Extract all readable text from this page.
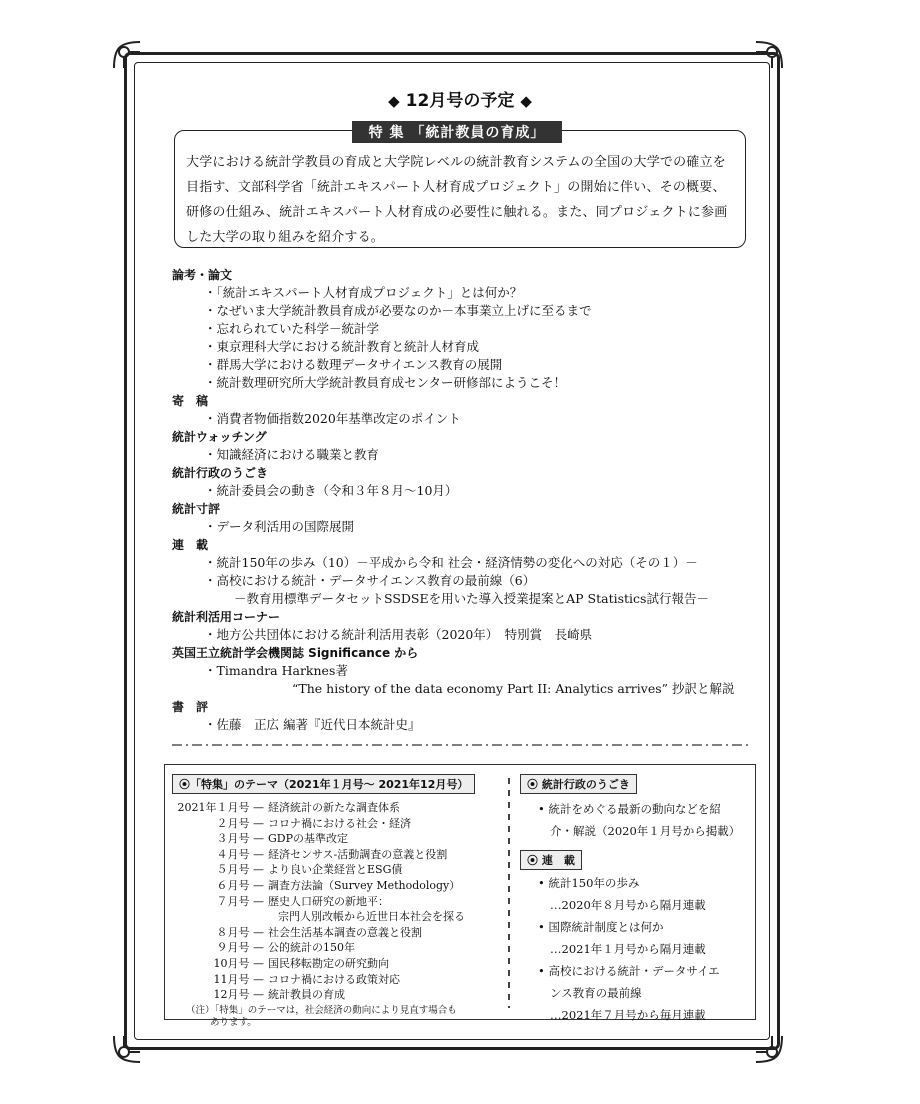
◆ 12月号の予定 ◆
特 集 「統計教員の育成」
大学における統計学教員の育成と大学院レベルの統計教育システムの全国の大学での確立を目指す、文部科学省「統計エキスパート人材育成プロジェクト」の開始に伴い、その概要、研修の仕組み、統計エキスパート人材育成の必要性に触れる。また、同プロジェクトに参画した大学の取り組みを紹介する。
論考・論文
・「統計エキスパート人材育成プロジェクト」とは何か？
・なぜいま大学統計教員育成が必要なのか－本事業立上げに至るまで
・忘れられていた科学－統計学
・東京理科大学における統計教育と統計人材育成
・群馬大学における数理データサイエンス教育の展開
・統計数理研究所大学統計教員育成センター研修部にようこそ！
寄　稿
・消費者物価指数2020年基準改定のポイント
統計ウォッチング
・知識経済における職業と教育
統計行政のうごき
・統計委員会の動き（令和３年８月～10月）
統計寸評
・データ利活用の国際展開
連　載
・統計150年の歩み（10）－平成から令和 社会・経済情勢の変化への対応（その１）－
・高校における統計・データサイエンス教育の最前線（6）
－教育用標準データセットSSDSEを用いた導入授業提案とAP Statistics試行報告－
統計利活用コーナー
・地方公共団体における統計利活用表彰（2020年）　特別賞　長崎県
英国王立統計学会機関誌 Significance から
・Timandra Harknes著
“The history of the data economy Part II: Analytics arrives” 抄訳と解説
書　評
・佐藤　正広 編著『近代日本統計史』
⦿「特集」のテーマ（2021年１月号～ 2021年12月号）
2021年１月号 — 経済統計の新たな調査体系
２月号 — コロナ禍における社会・経済
３月号 — GDPの基準改定
４月号 — 経済センサス‐活動調査の意義と役割
５月号 — より良い企業経営とESG債
６月号 — 調査方法論（Survey Methodology）
７月号 — 歴史人口研究の新地平：
宗門人別改帳から近世日本社会を探る
８月号 — 社会生活基本調査の意義と役割
９月号 — 公的統計の150年
10月号 — 国民移転勘定の研究動向
11月号 — コロナ禍における政策対応
12月号 — 統計教員の育成
（注）「特集」のテーマは，社会経済の動向により見直す場合も
あります。
⦿ 統計行政のうごき
• 統計をめぐる最新の動向などを紹
介・解説（2020年１月号から掲載）
⦿ 連　載
• 統計150年の歩み
…2020年８月号から隔月連載
• 国際統計制度とは何か
…2021年１月号から隔月連載
• 高校における統計・データサイエ
ンス教育の最前線
…2021年７月号から毎月連載
